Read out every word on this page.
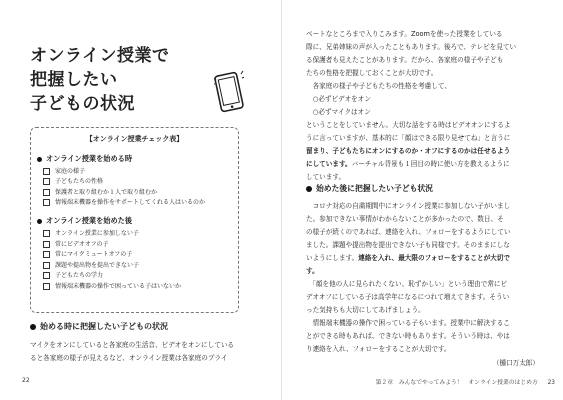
オンライン授業で
把握したい
子どもの状況
【オンライン授業チェック表】
オンライン授業を始める時
家庭の様子
子どもたちの性格
保護者と取り組むか１人で取り組むか
情報端末機器を操作をサポートしてくれる人はいるのか
オンライン授業を始めた後
オンライン授業に参加しない子
常にビデオオフの子
常にマイクミュートオフの子
課題や提出物を提出できない子
子どもたちの学力
情報端末機器の操作で困っている子はいないか
始める時に把握したい子どもの状況

マイクをオンにしていると各家庭の生活音、ビデオをオンにしている

ると各家庭の様子が見えるなど、オンライン授業は各家庭のプライ

22

ベートなところまで入りこみます。Zoomを使った授業をしている

際に、兄弟姉妹の声が入ったこともあります。後ろで、テレビを見てい

る保護者も見えたことがあります。だから、各家庭の様子や子ども

たちの性格を把握しておくことが大切です。

　各家庭の様子や子どもたちの性格を考慮して、

　○必ずビデオをオン

　○必ずマイクはオン

ということをしていません。大切な話をする時はビデオオンにするよ

うに言っていますが、基本的に「顔はできる限り見せてね」と言うに

留まり、子どもたちにオンにするのか・オフにするのかは任せるよう

にしています。バーチャル背景も１回目の時に使い方を教えるように

しています。

始めた後に把握したい子ども状況

　コロナ対応の自粛期間中にオンライン授業に参加しない子がいまし

た。参加できない事情がわからないことが多かったので、数日、そ

の様子が続くのであれば、連絡を入れ、フォローをするようにしてい

ました。課題や提出物を提出できない子も同様です。そのままにしな

いようにします。連絡を入れ、最大限のフォローをすることが大切で

す。

　「顔を他の人に見られたくない、恥ずかしい」という理由で常にビ

デオオフにしている子は高学年になるにつれて増えてきます。そうい

った気持ちも大切にしてあげましょう。

　情報端末機器の操作で困っている子もいます。授業中に解決するこ

とができる時もあれば、できない時もあります。そういう時は、やは

り連絡を入れ、フォローをすることが大切です。

（樋口万太郎）
第２章　みんなでやってみよう！　オンライン授業のはじめ方 23
